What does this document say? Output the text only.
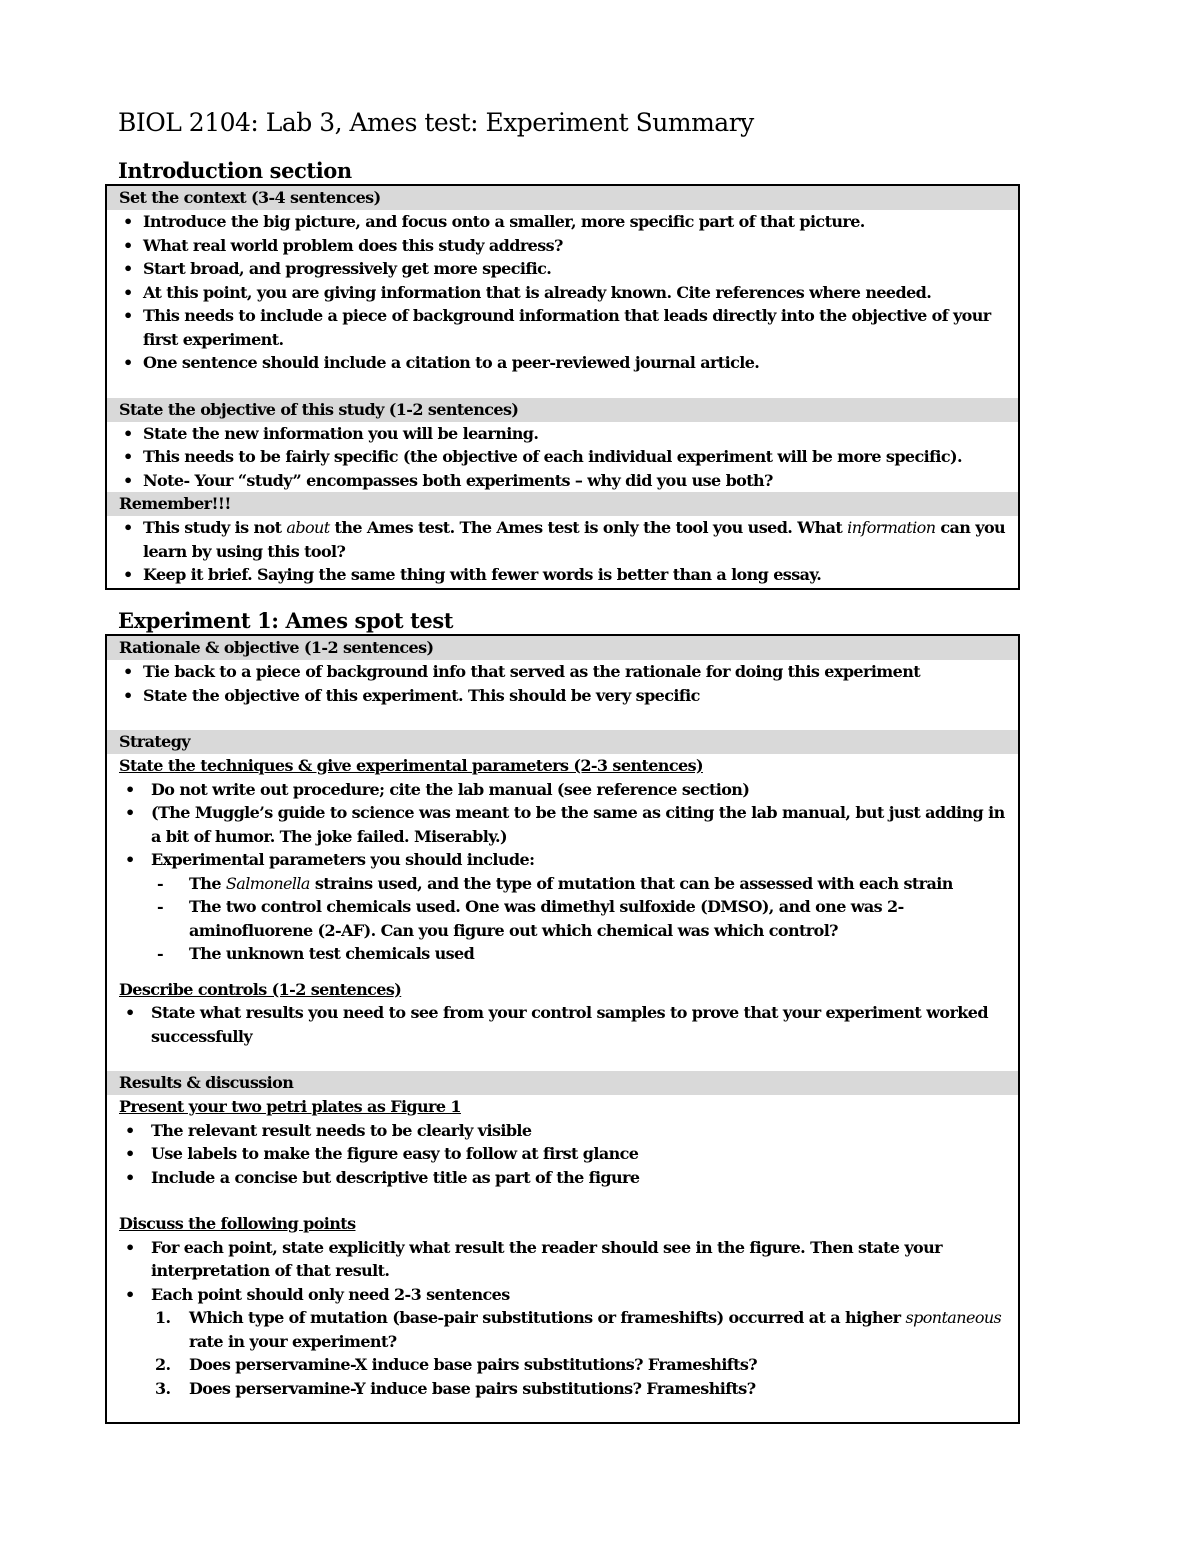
BIOL 2104: Lab 3, Ames test: Experiment Summary
Introduction section
Set the context (3-4 sentences)
• Introduce the big picture, and focus onto a smaller, more specific part of that picture.
• What real world problem does this study address?
• Start broad, and progressively get more specific.
• At this point, you are giving information that is already known. Cite references where needed.
• This needs to include a piece of background information that leads directly into the objective of your first experiment.
• One sentence should include a citation to a peer-reviewed journal article.
State the objective of this study (1-2 sentences)
• State the new information you will be learning.
• This needs to be fairly specific (the objective of each individual experiment will be more specific).
• Note- Your “study” encompasses both experiments – why did you use both?
Remember!!!
• This study is not about the Ames test. The Ames test is only the tool you used. What information can you learn by using this tool?
• Keep it brief. Saying the same thing with fewer words is better than a long essay.
Experiment 1: Ames spot test
Rationale & objective (1-2 sentences)
• Tie back to a piece of background info that served as the rationale for doing this experiment
• State the objective of this experiment. This should be very specific
Strategy
State the techniques & give experimental parameters (2-3 sentences)
• Do not write out procedure; cite the lab manual (see reference section)
• (The Muggle’s guide to science was meant to be the same as citing the lab manual, but just adding in a bit of humor. The joke failed. Miserably.)
• Experimental parameters you should include:
- The Salmonella strains used, and the type of mutation that can be assessed with each strain
- The two control chemicals used. One was dimethyl sulfoxide (DMSO), and one was 2-aminofluorene (2-AF). Can you figure out which chemical was which control?
- The unknown test chemicals used
Describe controls (1-2 sentences)
• State what results you need to see from your control samples to prove that your experiment worked successfully
Results & discussion
Present your two petri plates as Figure 1
• The relevant result needs to be clearly visible
• Use labels to make the figure easy to follow at first glance
• Include a concise but descriptive title as part of the figure
Discuss the following points
• For each point, state explicitly what result the reader should see in the figure. Then state your interpretation of that result.
• Each point should only need 2-3 sentences
1. Which type of mutation (base-pair substitutions or frameshifts) occurred at a higher spontaneous rate in your experiment?
2. Does perservamine-X induce base pairs substitutions? Frameshifts?
3. Does perservamine-Y induce base pairs substitutions? Frameshifts?
